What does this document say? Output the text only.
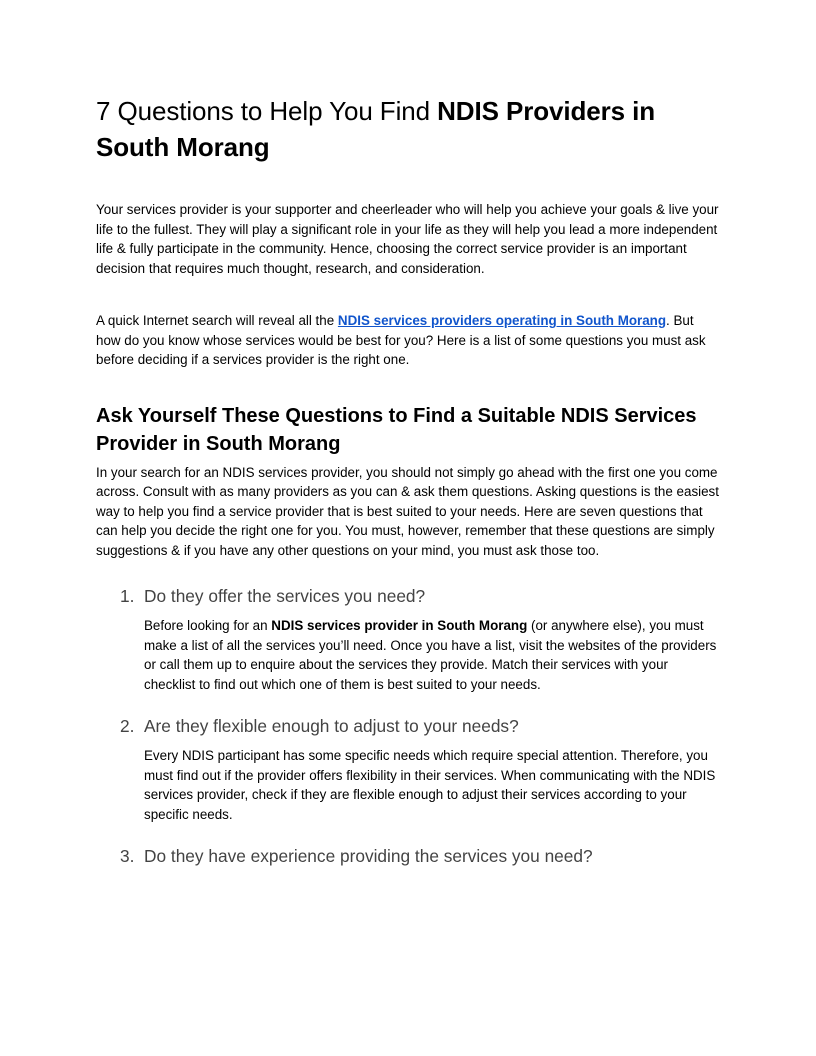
7 Questions to Help You Find NDIS Providers in South Morang

Your services provider is your supporter and cheerleader who will help you achieve your goals & live your life to the fullest. They will play a significant role in your life as they will help you lead a more independent life & fully participate in the community. Hence, choosing the correct service provider is an important decision that requires much thought, research, and consideration.

A quick Internet search will reveal all the NDIS services providers operating in South Morang. But how do you know whose services would be best for you? Here is a list of some questions you must ask before deciding if a services provider is the right one.

Ask Yourself These Questions to Find a Suitable NDIS Services Provider in South Morang

In your search for an NDIS services provider, you should not simply go ahead with the first one you come across. Consult with as many providers as you can & ask them questions. Asking questions is the easiest way to help you find a service provider that is best suited to your needs. Here are seven questions that can help you decide the right one for you. You must, however, remember that these questions are simply suggestions & if you have any other questions on your mind, you must ask those too.

1. Do they offer the services you need?

Before looking for an NDIS services provider in South Morang (or anywhere else), you must make a list of all the services you’ll need. Once you have a list, visit the websites of the providers or call them up to enquire about the services they provide. Match their services with your checklist to find out which one of them is best suited to your needs.

2. Are they flexible enough to adjust to your needs?

Every NDIS participant has some specific needs which require special attention. Therefore, you must find out if the provider offers flexibility in their services. When communicating with the NDIS services provider, check if they are flexible enough to adjust their services according to your specific needs.

3. Do they have experience providing the services you need?
